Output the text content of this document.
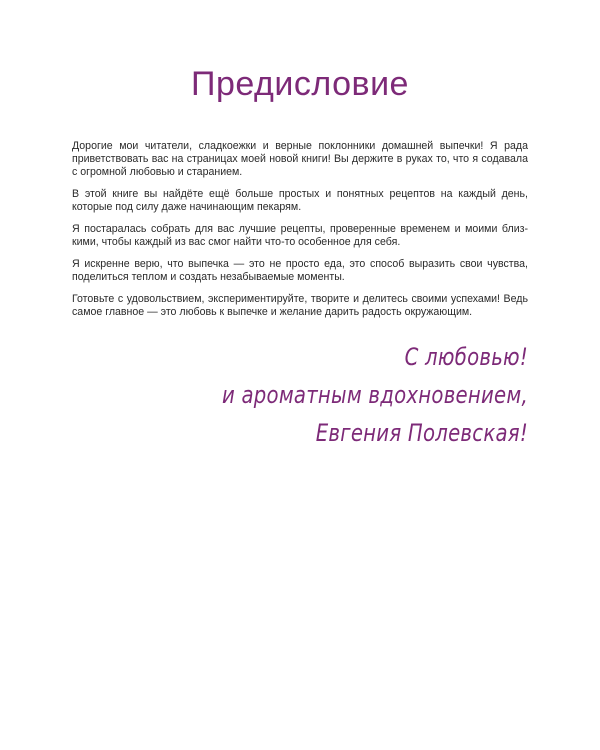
Предисловие

Дорогие мои читатели, сладкоежки и верные поклонники домашней выпечки! Я рада приветствовать вас на страницах моей новой книги! Вы держите в руках то, что я содавала с огромной любовью и старанием.

В этой книге вы найдёте ещё больше простых и понятных рецептов на каждый день, которые под силу даже начинающим пекарям.

Я постаралась собрать для вас лучшие рецепты, проверенные временем и моими близкими, чтобы каждый из вас смог найти что-то особенное для себя.

Я искренне верю, что выпечка — это не просто еда, это способ выразить свои чувства, поделиться теплом и создать незабываемые моменты.

Готовьте с удовольствием, экспериментируйте, творите и делитесь своими успехами! Ведь самое главное — это любовь к выпечке и желание дарить радость окружающим.

С любовью!
и ароматным вдохновением,
Евгения Полевская!
